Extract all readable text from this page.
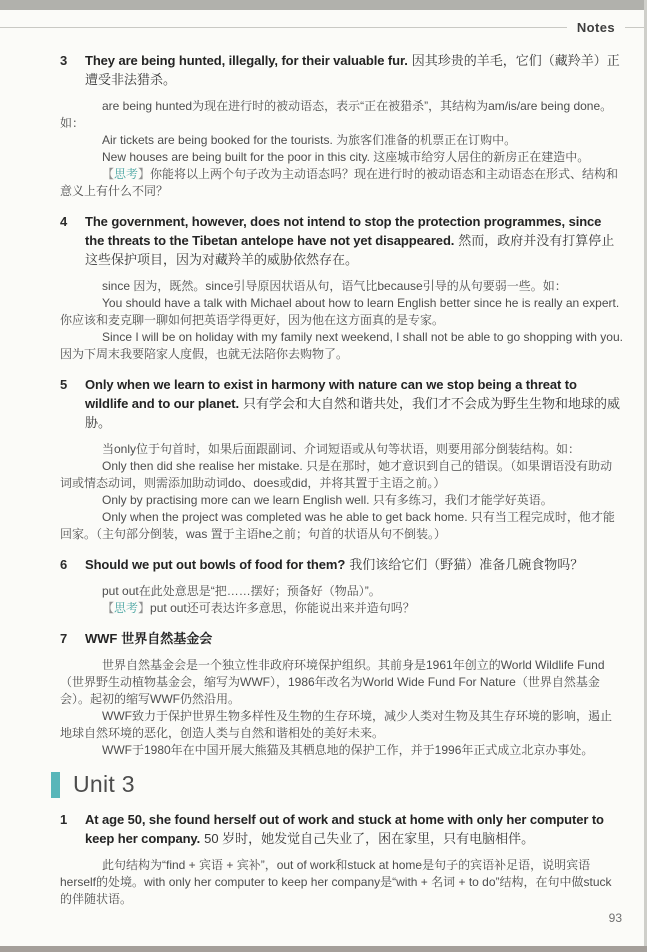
Notes
3	They are being hunted, illegally, for their valuable fur. 因其珍贵的羊毛，它们（藏羚羊）正遭受非法猎杀。

are being hunted为现在进行时的被动语态，表示“正在被猎杀”，其结构为am/is/are being done。如：

Air tickets are being booked for the tourists. 为旅客们准备的机票正在订购中。

New houses are being built for the poor in this city. 这座城市给穷人居住的新房正在建造中。

【思考】你能将以上两个句子改为主动语态吗？现在进行时的被动语态和主动语态在形式、结构和意义上有什么不同？

4	The government, however, does not intend to stop the protection programmes, since the threats to the Tibetan antelope have not yet disappeared. 然而，政府并没有打算停止这些保护项目，因为对藏羚羊的威胁依然存在。

since 因为，既然。since引导原因状语从句，语气比because引导的从句要弱一些。如：

You should have a talk with Michael about how to learn English better since he is really an expert. 你应该和麦克聊一聊如何把英语学得更好，因为他在这方面真的是专家。

Since I will be on holiday with my family next weekend, I shall not be able to go shopping with you. 因为下周末我要陪家人度假，也就无法陪你去购物了。

5	Only when we learn to exist in harmony with nature can we stop being a threat to wildlife and to our planet. 只有学会和大自然和谐共处，我们才不会成为野生生物和地球的威胁。

当only位于句首时，如果后面跟副词、介词短语或从句等状语，则要用部分倒装结构。如：

Only then did she realise her mistake. 只是在那时，她才意识到自己的错误。（如果谓语没有助动词或情态动词，则需添加助动词do、does或did，并将其置于主语之前。）

Only by practising more can we learn English well. 只有多练习，我们才能学好英语。

Only when the project was completed was he able to get back home. 只有当工程完成时，他才能回家。（主句部分倒装，was 置于主语he之前；句首的状语从句不倒装。）

6	Should we put out bowls of food for them? 我们该给它们（野猫）准备几碗食物吗？

put out在此处意思是“把……摆好；预备好（物品）”。

【思考】put out还可表达许多意思，你能说出来并造句吗？

7	WWF 世界自然基金会

世界自然基金会是一个独立性非政府环境保护组织。其前身是1961年创立的World Wildlife Fund（世界野生动植物基金会，缩写为WWF），1986年改名为World Wide Fund For Nature（世界自然基金会）。起初的缩写WWF仍然沿用。

WWF致力于保护世界生物多样性及生物的生存环境，减少人类对生物及其生存环境的影响，遏止地球自然环境的恶化，创造人类与自然和谐相处的美好未来。

WWF于1980年在中国开展大熊猫及其栖息地的保护工作，并于1996年正式成立北京办事处。

Unit 3
1	At age 50, she found herself out of work and stuck at home with only her computer to keep her company. 50 岁时，她发觉自己失业了，困在家里，只有电脑相伴。

此句结构为“find + 宾语 + 宾补”，out of work和stuck at home是句子的宾语补足语，说明宾语herself的处境。with only her computer to keep her company是“with + 名词 + to do”结构，在句中做stuck的伴随状语。

93
